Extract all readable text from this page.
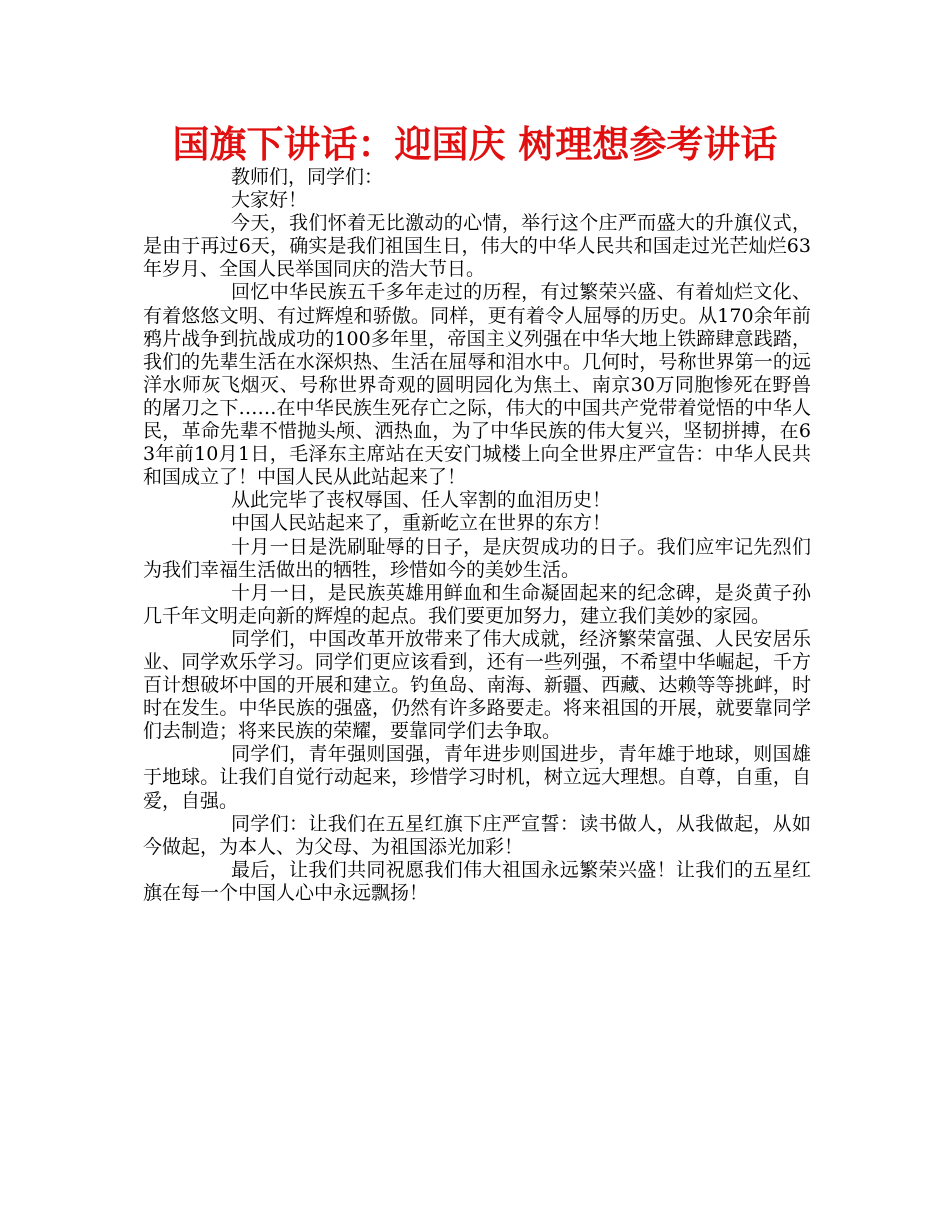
国旗下讲话：迎国庆 树理想参考讲话

教师们，同学们：

大家好！

今天，我们怀着无比激动的心情，举行这个庄严而盛大的升旗仪式，是由于再过6天，确实是我们祖国生日，伟大的中华人民共和国走过光芒灿烂63年岁月、全国人民举国同庆的浩大节日。

回忆中华民族五千多年走过的历程，有过繁荣兴盛、有着灿烂文化、有着悠悠文明、有过辉煌和骄傲。同样，更有着令人屈辱的历史。从170余年前鸦片战争到抗战成功的100多年里，帝国主义列强在中华大地上铁蹄肆意践踏，我们的先辈生活在水深炽热、生活在屈辱和泪水中。几何时，号称世界第一的远洋水师灰飞烟灭、号称世界奇观的圆明园化为焦土、南京30万同胞惨死在野兽的屠刀之下……在中华民族生死存亡之际，伟大的中国共产党带着觉悟的中华人民，革命先辈不惜抛头颅、洒热血，为了中华民族的伟大复兴，坚韧拼搏，在63年前10月1日，毛泽东主席站在天安门城楼上向全世界庄严宣告：中华人民共和国成立了！中国人民从此站起来了！

从此完毕了丧权辱国、任人宰割的血泪历史！

中国人民站起来了，重新屹立在世界的东方！

十月一日是洗刷耻辱的日子，是庆贺成功的日子。我们应牢记先烈们为我们幸福生活做出的牺牲，珍惜如今的美妙生活。

十月一日，是民族英雄用鲜血和生命凝固起来的纪念碑，是炎黄子孙几千年文明走向新的辉煌的起点。我们要更加努力，建立我们美妙的家园。

同学们，中国改革开放带来了伟大成就，经济繁荣富强、人民安居乐业、同学欢乐学习。同学们更应该看到，还有一些列强，不希望中华崛起，千方百计想破坏中国的开展和建立。钓鱼岛、南海、新疆、西藏、达赖等等挑衅，时时在发生。中华民族的强盛，仍然有许多路要走。将来祖国的开展，就要靠同学们去制造；将来民族的荣耀，要靠同学们去争取。

同学们，青年强则国强，青年进步则国进步，青年雄于地球，则国雄于地球。让我们自觉行动起来，珍惜学习时机，树立远大理想。自尊，自重，自爱，自强。

同学们：让我们在五星红旗下庄严宣誓：读书做人，从我做起，从如今做起，为本人、为父母、为祖国添光加彩！

最后，让我们共同祝愿我们伟大祖国永远繁荣兴盛！让我们的五星红旗在每一个中国人心中永远飘扬！
